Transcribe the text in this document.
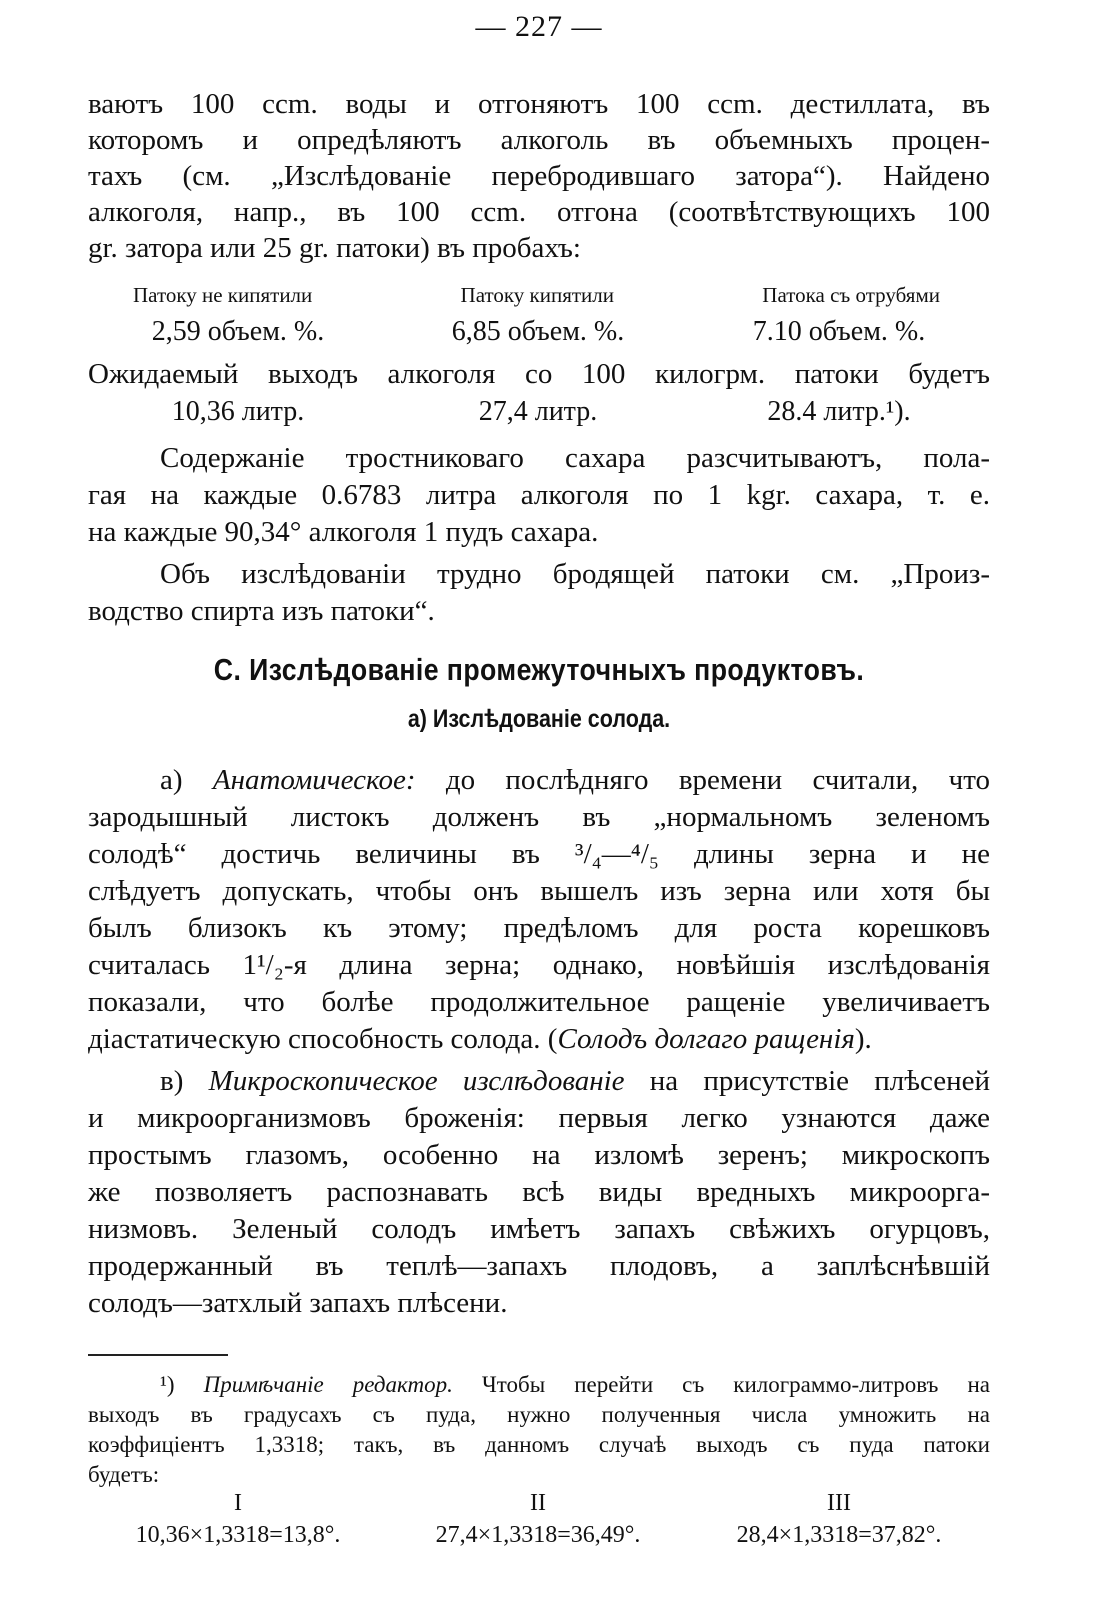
— 227 —
ваютъ 100 ccm. воды и отгоняютъ 100 ccm. дестиллата, въ
которомъ и опредѣляютъ алкоголь въ объемныхъ процен-
тахъ (см. „Изслѣдованіе перебродившаго затора“). Найдено
алкоголя, напр., въ 100 ccm. отгона (соотвѣтствующихъ 100
gr. затора или 25 gr. патоки) въ пробахъ:
Патоку не кипятили	Патоку кипятили	Патока съ отрубями
2,59 объем. %.	6,85 объем. %.	7.10 объем. %.
Ожидаемый выходъ алкоголя со 100 килогрм. патоки будетъ
10,36 литр.	27,4 литр.	28.4 литр.¹).
Содержаніе тростниковаго сахара разсчитываютъ, пола-
гая на каждые 0.6783 литра алкоголя по 1 kgr. сахара, т. е.
на каждые 90,34° алкоголя 1 пудъ сахара.
Объ изслѣдованіи трудно бродящей патоки см. „Произ-
водство спирта изъ патоки“.
C. Изслѣдованіе промежуточныхъ продуктовъ.
а) Изслѣдованіе солода.
а) Анатомическое: до послѣдняго времени считали, что
зародышный листокъ долженъ въ „нормальномъ зеленомъ
солодѣ“ достичь величины въ ³/₄—⁴/₅ длины зерна и не
слѣдуетъ допускать, чтобы онъ вышелъ изъ зерна или хотя бы
былъ близокъ къ этому; предѣломъ для роста корешковъ
считалась 1¹/₂-я длина зерна; однако, новѣйшія изслѣдованія
показали, что болѣе продолжительное ращеніе увеличиваетъ
діастатическую способность солода. (Солодъ долгаго ращенія).
в) Микроскопическое изслѣдованіе на присутствіе плѣсеней
и микроорганизмовъ броженія: первыя легко узнаются даже
простымъ глазомъ, особенно на изломѣ зеренъ; микроскопъ
же позволяетъ распознавать всѣ виды вредныхъ микроорга-
низмовъ. Зеленый солодъ имѣетъ запахъ свѣжихъ огурцовъ,
продержанный въ теплѣ—запахъ плодовъ, а заплѣснѣвшій
солодъ—затхлый запахъ плѣсени.
¹) Примѣчаніе редактор. Чтобы перейти съ килограммо-литровъ на
выходъ въ градусахъ съ пуда, нужно полученныя числа умножить на
коэффиціентъ 1,3318; такъ, въ данномъ случаѣ выходъ съ пуда патоки
будетъ:
I	II	III
10,36×1,3318=13,8°.	27,4×1,3318=36,49°.	28,4×1,3318=37,82°.
